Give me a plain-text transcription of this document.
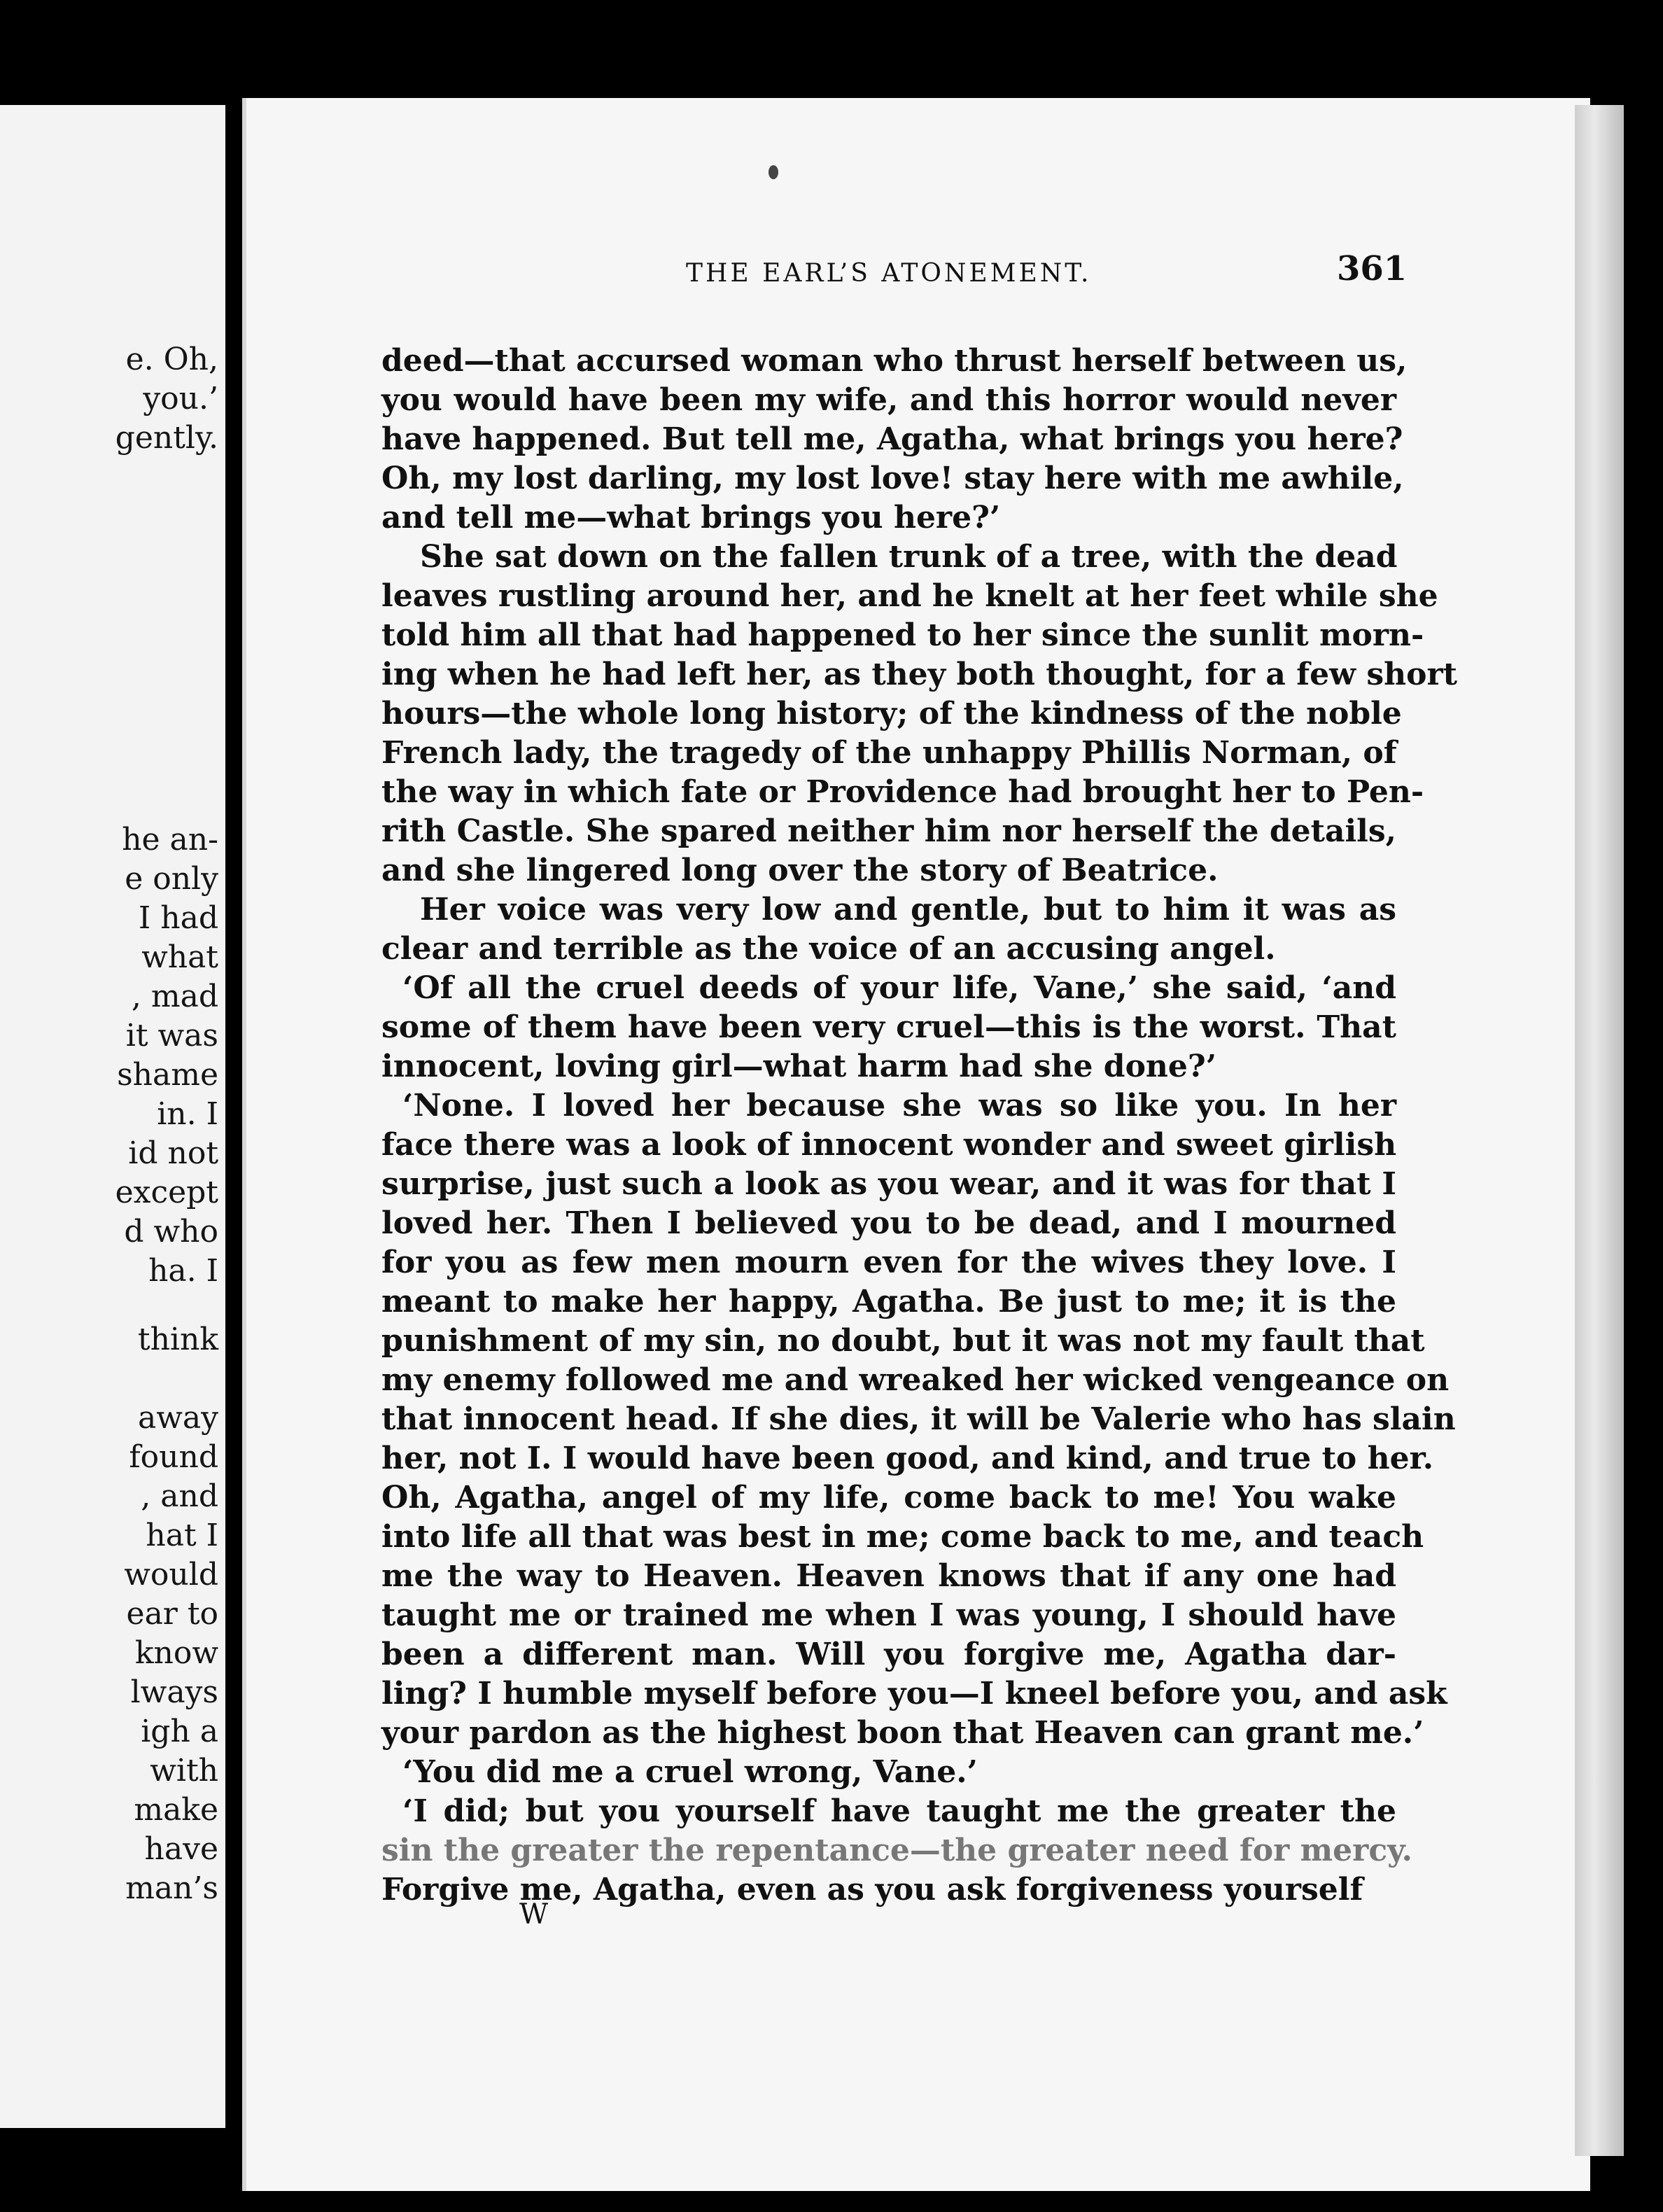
e. Oh,
you.’
gently.
he an-
e only
I had
what
, mad
it was
shame
in. I
id not
except
d who
ha. I
think
away
found
, and
hat I
would
ear to
know
lways
igh a
with
make
have
man’s
THE EARL’S ATONEMENT.	361
deed—that accursed woman who thrust herself between us,
you would have been my wife, and this horror would never
have happened. But tell me, Agatha, what brings you here?
Oh, my lost darling, my lost love! stay here with me awhile,
and tell me—what brings you here?’
She sat down on the fallen trunk of a tree, with the dead
leaves rustling around her, and he knelt at her feet while she
told him all that had happened to her since the sunlit morn-
ing when he had left her, as they both thought, for a few short
hours—the whole long history; of the kindness of the noble
French lady, the tragedy of the unhappy Phillis Norman, of
the way in which fate or Providence had brought her to Pen-
rith Castle. She spared neither him nor herself the details,
and she lingered long over the story of Beatrice.
Her voice was very low and gentle, but to him it was as
clear and terrible as the voice of an accusing angel.
‘Of all the cruel deeds of your life, Vane,’ she said, ‘and
some of them have been very cruel—this is the worst. That
innocent, loving girl—what harm had she done?’
‘None. I loved her because she was so like you. In her
face there was a look of innocent wonder and sweet girlish
surprise, just such a look as you wear, and it was for that I
loved her. Then I believed you to be dead, and I mourned
for you as few men mourn even for the wives they love. I
meant to make her happy, Agatha. Be just to me; it is the
punishment of my sin, no doubt, but it was not my fault that
my enemy followed me and wreaked her wicked vengeance on
that innocent head. If she dies, it will be Valerie who has slain
her, not I. I would have been good, and kind, and true to her.
Oh, Agatha, angel of my life, come back to me! You wake
into life all that was best in me; come back to me, and teach
me the way to Heaven. Heaven knows that if any one had
taught me or trained me when I was young, I should have
been a different man. Will you forgive me, Agatha dar-
ling? I humble myself before you—I kneel before you, and ask
your pardon as the highest boon that Heaven can grant me.’
‘You did me a cruel wrong, Vane.’
‘I did; but you yourself have taught me the greater the
sin the greater the repentance—the greater need for mercy.
Forgive me, Agatha, even as you ask forgiveness yourself
W
